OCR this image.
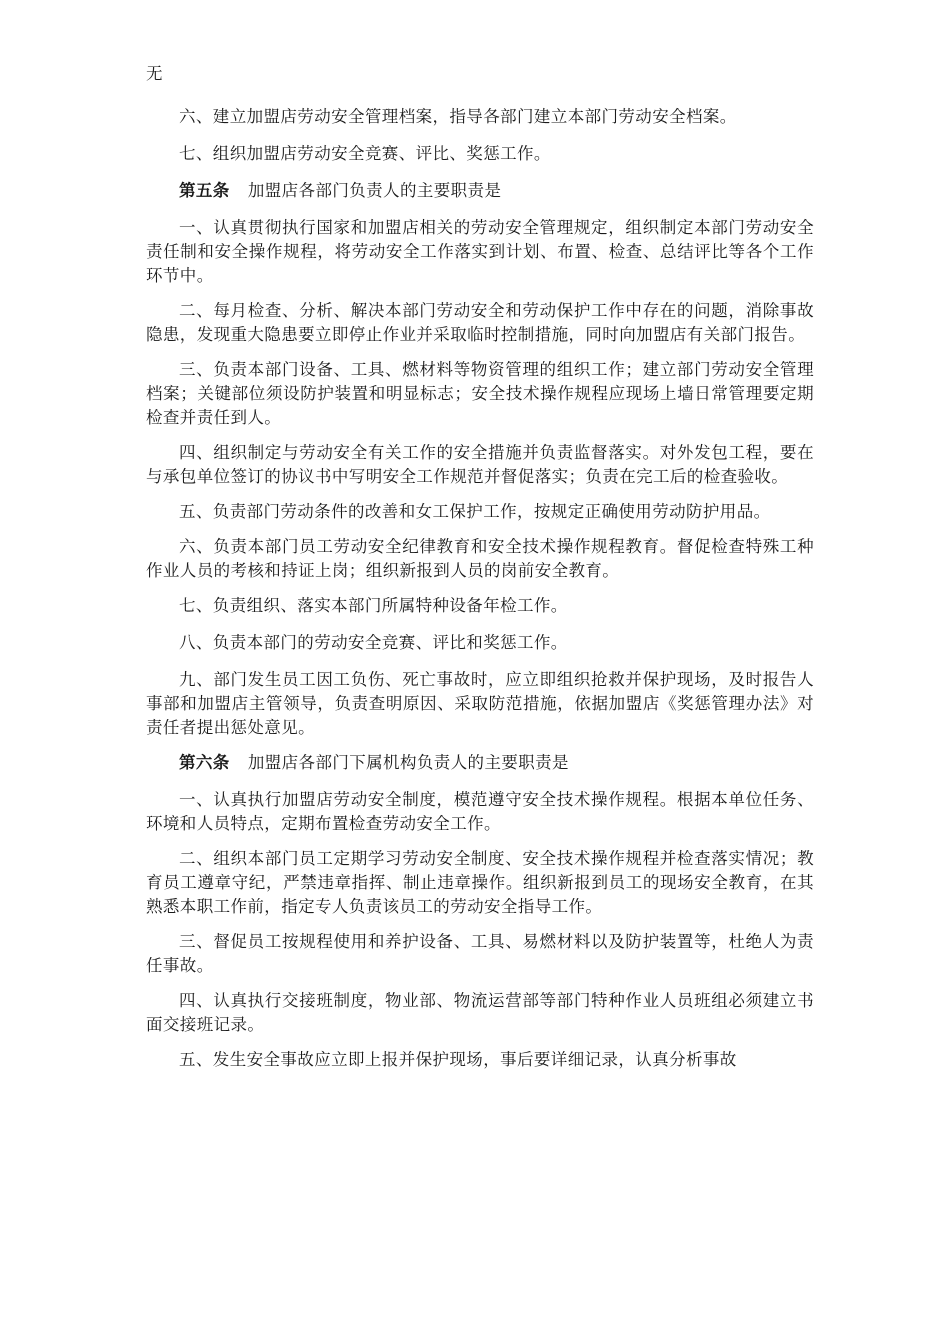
无

六、建立加盟店劳动安全管理档案，指导各部门建立本部门劳动安全档案。

七、组织加盟店劳动安全竞赛、评比、奖惩工作。

第五条 加盟店各部门负责人的主要职责是

一、认真贯彻执行国家和加盟店相关的劳动安全管理规定，组织制定本部门劳动安全责任制和安全操作规程，将劳动安全工作落实到计划、布置、检查、总结评比等各个工作环节中。

二、每月检查、分析、解决本部门劳动安全和劳动保护工作中存在的问题，消除事故隐患，发现重大隐患要立即停止作业并采取临时控制措施，同时向加盟店有关部门报告。

三、负责本部门设备、工具、燃材料等物资管理的组织工作；建立部门劳动安全管理档案；关键部位须设防护装置和明显标志；安全技术操作规程应现场上墙日常管理要定期检查并责任到人。

四、组织制定与劳动安全有关工作的安全措施并负责监督落实。对外发包工程，要在与承包单位签订的协议书中写明安全工作规范并督促落实；负责在完工后的检查验收。

五、负责部门劳动条件的改善和女工保护工作，按规定正确使用劳动防护用品。

六、负责本部门员工劳动安全纪律教育和安全技术操作规程教育。督促检查特殊工种作业人员的考核和持证上岗；组织新报到人员的岗前安全教育。

七、负责组织、落实本部门所属特种设备年检工作。

八、负责本部门的劳动安全竞赛、评比和奖惩工作。

九、部门发生员工因工负伤、死亡事故时，应立即组织抢救并保护现场，及时报告人事部和加盟店主管领导，负责查明原因、采取防范措施，依据加盟店《奖惩管理办法》对责任者提出惩处意见。

第六条 加盟店各部门下属机构负责人的主要职责是

一、认真执行加盟店劳动安全制度，模范遵守安全技术操作规程。根据本单位任务、环境和人员特点，定期布置检查劳动安全工作。

二、组织本部门员工定期学习劳动安全制度、安全技术操作规程并检查落实情况；教育员工遵章守纪，严禁违章指挥、制止违章操作。组织新报到员工的现场安全教育，在其熟悉本职工作前，指定专人负责该员工的劳动安全指导工作。

三、督促员工按规程使用和养护设备、工具、易燃材料以及防护装置等，杜绝人为责任事故。

四、认真执行交接班制度，物业部、物流运营部等部门特种作业人员班组必须建立书面交接班记录。

五、发生安全事故应立即上报并保护现场，事后要详细记录，认真分析事故
